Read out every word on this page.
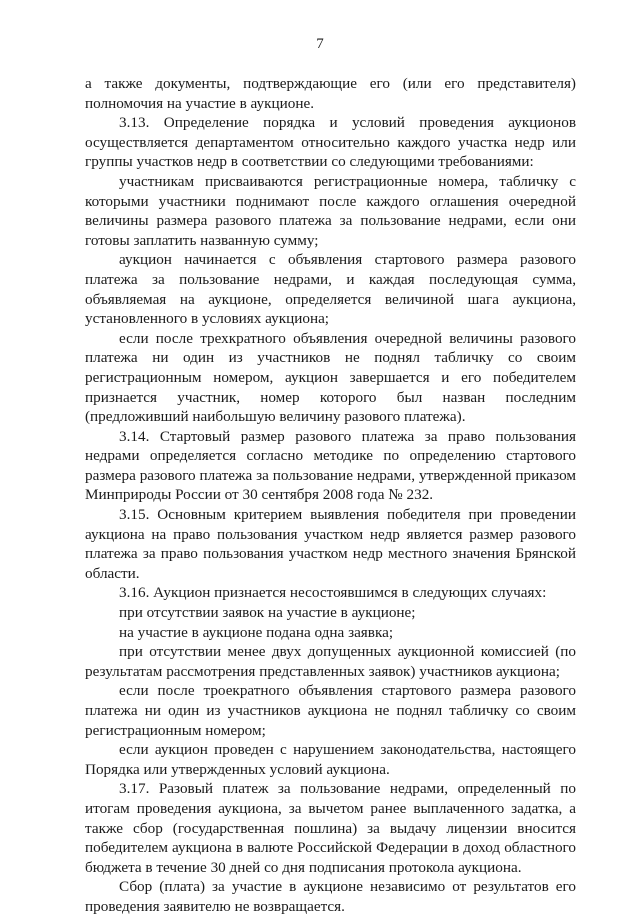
7

а также документы, подтверждающие его (или его представителя) полномочия на участие в аукционе.

3.13. Определение порядка и условий проведения аукционов осуществляется департаментом относительно каждого участка недр или группы участков недр в соответствии со следующими требованиями:

участникам присваиваются регистрационные номера, табличку с которыми участники поднимают после каждого оглашения очередной величины размера разового платежа за пользование недрами, если они готовы заплатить названную сумму;

аукцион начинается с объявления стартового размера разового платежа за пользование недрами, и каждая последующая сумма, объявляемая на аукционе, определяется величиной шага аукциона, установленного в условиях аукциона;

если после трехкратного объявления очередной величины разового платежа ни один из участников не поднял табличку со своим регистрационным номером, аукцион завершается и его победителем признается участник, номер которого был назван последним (предложивший наибольшую величину разового платежа).

3.14. Стартовый размер разового платежа за право пользования недрами определяется согласно методике по определению стартового размера разового платежа за пользование недрами, утвержденной приказом Минприроды России от 30 сентября 2008 года № 232.

3.15. Основным критерием выявления победителя при проведении аукциона на право пользования участком недр является размер разового платежа за право пользования участком недр местного значения Брянской области.

3.16. Аукцион признается несостоявшимся в следующих случаях:

при отсутствии заявок на участие в аукционе;

на участие в аукционе подана одна заявка;

при отсутствии менее двух допущенных аукционной комиссией (по результатам рассмотрения представленных заявок) участников аукциона;

если после троекратного объявления стартового размера разового платежа ни один из участников аукциона не поднял табличку со своим регистрационным номером;

если аукцион проведен с нарушением законодательства, настоящего Порядка или утвержденных условий аукциона.

3.17. Разовый платеж за пользование недрами, определенный по итогам проведения аукциона, за вычетом ранее выплаченного задатка, а также сбор (государственная пошлина) за выдачу лицензии вносится победителем аукциона в валюте Российской Федерации в доход областного бюджета в течение 30 дней со дня подписания протокола аукциона.

Сбор (плата) за участие в аукционе независимо от результатов его проведения заявителю не возвращается.
